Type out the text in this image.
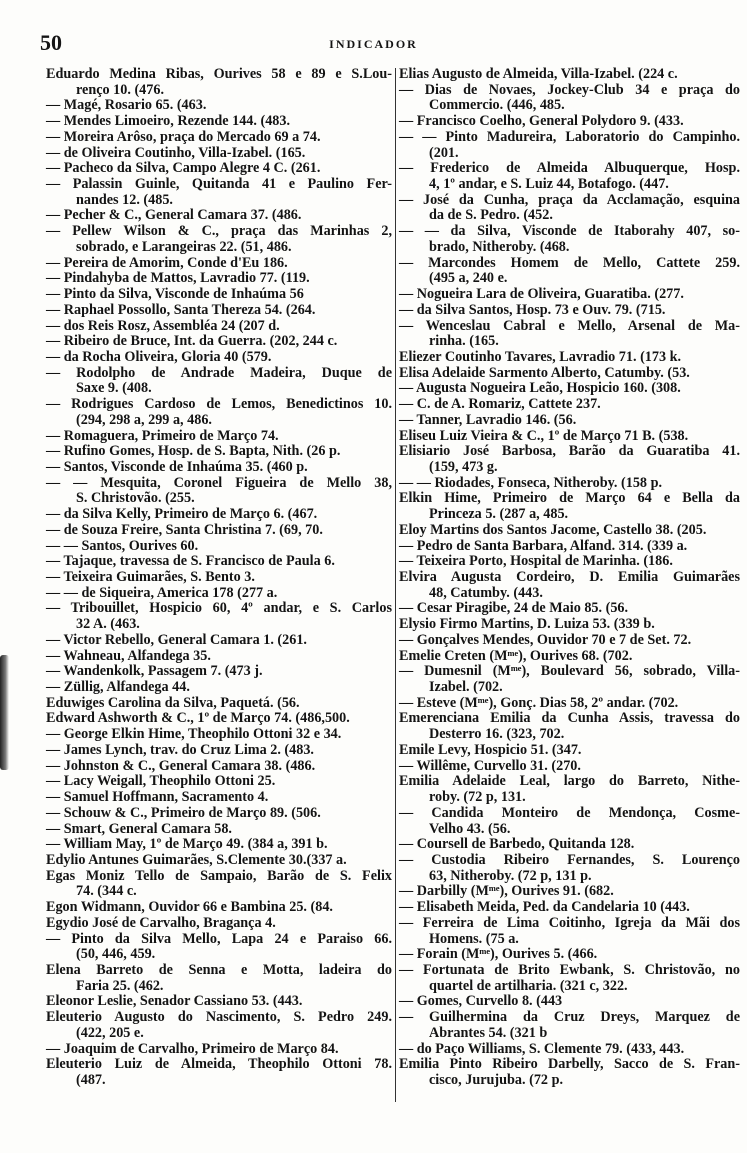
50	INDICADOR
Eduardo Medina Ribas, Ourives 58 e 89 e S.Lou-
renço 10. (476.
— Magé, Rosario 65. (463.
— Mendes Limoeiro, Rezende 144. (483.
— Moreira Arôso, praça do Mercado 69 a 74.
— de Oliveira Coutinho, Villa-Izabel. (165.
— Pacheco da Silva, Campo Alegre 4 C. (261.
— Palassin Guinle, Quitanda 41 e Paulino Fer-
nandes 12. (485.
— Pecher & C., General Camara 37. (486.
— Pellew Wilson & C., praça das Marinhas 2,
sobrado, e Larangeiras 22. (51, 486.
— Pereira de Amorim, Conde d'Eu 186.
— Pindahyba de Mattos, Lavradio 77. (119.
— Pinto da Silva, Visconde de Inhaúma 56
— Raphael Possollo, Santa Thereza 54. (264.
— dos Reis Rosz, Assembléa 24 (207 d.
— Ribeiro de Bruce, Int. da Guerra. (202, 244 c.
— da Rocha Oliveira, Gloria 40 (579.
— Rodolpho de Andrade Madeira, Duque de
Saxe 9. (408.
— Rodrigues Cardoso de Lemos, Benedictinos 10.
(294, 298 a, 299 a, 486.
— Romaguera, Primeiro de Março 74.
— Rufino Gomes, Hosp. de S. Bapta, Nith. (26 p.
— Santos, Visconde de Inhaúma 35. (460 p.
— — Mesquita, Coronel Figueira de Mello 38,
S. Christovão. (255.
— da Silva Kelly, Primeiro de Março 6. (467.
— de Souza Freire, Santa Christina 7. (69, 70.
— — Santos, Ourives 60.
— Tajaque, travessa de S. Francisco de Paula 6.
— Teixeira Guimarães, S. Bento 3.
— — de Siqueira, America 178 (277 a.
— Tribouillet, Hospicio 60, 4º andar, e S. Carlos
32 A. (463.
— Victor Rebello, General Camara 1. (261.
— Wahneau, Alfandega 35.
— Wandenkolk, Passagem 7. (473 j.
— Züllig, Alfandega 44.
Eduwiges Carolina da Silva, Paquetá. (56.
Edward Ashworth & C., 1º de Março 74. (486,500.
— George Elkin Hime, Theophilo Ottoni 32 e 34.
— James Lynch, trav. do Cruz Lima 2. (483.
— Johnston & C., General Camara 38. (486.
— Lacy Weigall, Theophilo Ottoni 25.
— Samuel Hoffmann, Sacramento 4.
— Schouw & C., Primeiro de Março 89. (506.
— Smart, General Camara 58.
— William May, 1º de Março 49. (384 a, 391 b.
Edylio Antunes Guimarães, S.Clemente 30.(337 a.
Egas Moniz Tello de Sampaio, Barão de S. Felix
74. (344 c.
Egon Widmann, Ouvidor 66 e Bambina 25. (84.
Egydio José de Carvalho, Bragança 4.
— Pinto da Silva Mello, Lapa 24 e Paraiso 66.
(50, 446, 459.
Elena Barreto de Senna e Motta, ladeira do
Faria 25. (462.
Eleonor Leslie, Senador Cassiano 53. (443.
Eleuterio Augusto do Nascimento, S. Pedro 249.
(422, 205 e.
— Joaquim de Carvalho, Primeiro de Março 84.
Eleuterio Luiz de Almeida, Theophilo Ottoni 78.
(487.
Elias Augusto de Almeida, Villa-Izabel. (224 c.
— Dias de Novaes, Jockey-Club 34 e praça do
Commercio. (446, 485.
— Francisco Coelho, General Polydoro 9. (433.
— — Pinto Madureira, Laboratorio do Campinho.
(201.
— Frederico de Almeida Albuquerque, Hosp.
4, 1º andar, e S. Luiz 44, Botafogo. (447.
— José da Cunha, praça da Acclamação, esquina
da de S. Pedro. (452.
— — da Silva, Visconde de Itaborahy 407, so-
brado, Nitheroby. (468.
— Marcondes Homem de Mello, Cattete 259.
(495 a, 240 e.
— Nogueira Lara de Oliveira, Guaratiba. (277.
— da Silva Santos, Hosp. 73 e Ouv. 79. (715.
— Wenceslau Cabral e Mello, Arsenal de Ma-
rinha. (165.
Eliezer Coutinho Tavares, Lavradio 71. (173 k.
Elisa Adelaide Sarmento Alberto, Catumby. (53.
— Augusta Nogueira Leão, Hospicio 160. (308.
— C. de A. Romariz, Cattete 237.
— Tanner, Lavradio 146. (56.
Eliseu Luiz Vieira & C., 1º de Março 71 B. (538.
Elisiario José Barbosa, Barão da Guaratiba 41.
(159, 473 g.
— — Riodades, Fonseca, Nitheroby. (158 p.
Elkin Hime, Primeiro de Março 64 e Bella da
Princeza 5. (287 a, 485.
Eloy Martins dos Santos Jacome, Castello 38. (205.
— Pedro de Santa Barbara, Alfand. 314. (339 a.
— Teixeira Porto, Hospital de Marinha. (186.
Elvira Augusta Cordeiro, D. Emilia Guimarães
48, Catumby. (443.
— Cesar Piragibe, 24 de Maio 85. (56.
Elysio Firmo Martins, D. Luiza 53. (339 b.
— Gonçalves Mendes, Ouvidor 70 e 7 de Set. 72.
Emelie Creten (Mᵐᵉ), Ourives 68. (702.
— Dumesnil (Mᵐᵉ), Boulevard 56, sobrado, Villa-
Izabel. (702.
— Esteve (Mᵐᵉ), Gonç. Dias 58, 2º andar. (702.
Emerenciana Emilia da Cunha Assis, travessa do
Desterro 16. (323, 702.
Emile Levy, Hospicio 51. (347.
— Willême, Curvello 31. (270.
Emilia Adelaide Leal, largo do Barreto, Nithe-
roby. (72 p, 131.
— Candida Monteiro de Mendonça, Cosme-
Velho 43. (56.
— Coursell de Barbedo, Quitanda 128.
— Custodia Ribeiro Fernandes, S. Lourenço
63, Nitheroby. (72 p, 131 p.
— Darbilly (Mᵐᵉ), Ourives 91. (682.
— Elisabeth Meida, Ped. da Candelaria 10 (443.
— Ferreira de Lima Coitinho, Igreja da Mãi dos
Homens. (75 a.
— Forain (Mᵐᵉ), Ourives 5. (466.
— Fortunata de Brito Ewbank, S. Christovão, no
quartel de artilharia. (321 c, 322.
— Gomes, Curvello 8. (443
— Guilhermina da Cruz Dreys, Marquez de
Abrantes 54. (321 b
— do Paço Williams, S. Clemente 79. (433, 443.
Emilia Pinto Ribeiro Darbelly, Sacco de S. Fran-
cisco, Jurujuba. (72 p.
